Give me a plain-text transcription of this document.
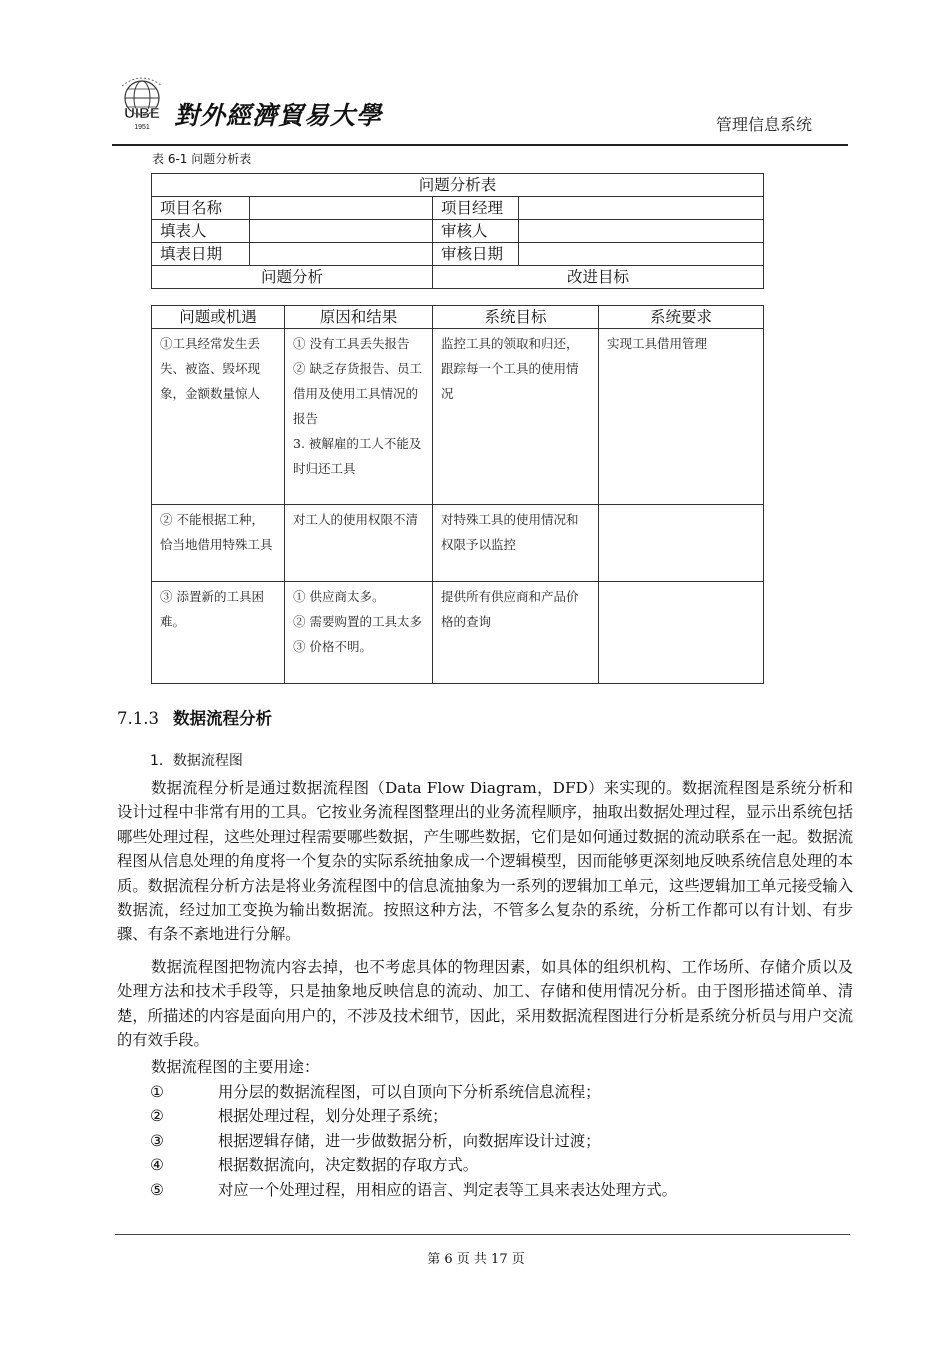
UIBE
1951 對外經濟貿易大學	管理信息系统
表 6-1 问题分析表
问题分析表			
项目名称		项目经理	
填表人		审核人	
填表日期		审核日期	
问题分析		改进目标	
问题或机遇	原因和结果	系统目标	系统要求
①工具经常发生丢失、被盗、毁坏现象，金额数量惊人	① 没有工具丢失报告
② 缺乏存货报告、员工借用及使用工具情况的报告
3. 被解雇的工人不能及时归还工具	监控工具的领取和归还，跟踪每一个工具的使用情况	实现工具借用管理
② 不能根据工种，恰当地借用特殊工具	对工人的使用权限不清	对特殊工具的使用情况和权限予以监控	
③ 添置新的工具困难。	① 供应商太多。
② 需要购置的工具太多
③ 价格不明。	提供所有供应商和产品价格的查询	
7.1.3 数据流程分析
1．数据流程图

数据流程分析是通过数据流程图（Data Flow Diagram，DFD）来实现的。数据流程图是系统分析和设计过程中非常有用的工具。它按业务流程图整理出的业务流程顺序，抽取出数据处理过程，显示出系统包括哪些处理过程，这些处理过程需要哪些数据，产生哪些数据，它们是如何通过数据的流动联系在一起。数据流程图从信息处理的角度将一个复杂的实际系统抽象成一个逻辑模型，因而能够更深刻地反映系统信息处理的本质。数据流程分析方法是将业务流程图中的信息流抽象为一系列的逻辑加工单元，这些逻辑加工单元接受输入数据流，经过加工变换为输出数据流。按照这种方法，不管多么复杂的系统，分析工作都可以有计划、有步骤、有条不紊地进行分解。

数据流程图把物流内容去掉，也不考虑具体的物理因素，如具体的组织机构、工作场所、存储介质以及处理方法和技术手段等，只是抽象地反映信息的流动、加工、存储和使用情况分析。由于图形描述简单、清楚，所描述的内容是面向用户的，不涉及技术细节，因此，采用数据流程图进行分析是系统分析员与用户交流的有效手段。

数据流程图的主要用途：

①	用分层的数据流程图，可以自顶向下分析系统信息流程；
②	根据处理过程，划分处理子系统；
③	根据逻辑存储，进一步做数据分析，向数据库设计过渡；
④	根据数据流向，决定数据的存取方式。
⑤	对应一个处理过程，用相应的语言、判定表等工具来表达处理方式。
第 6 页 共 17 页
